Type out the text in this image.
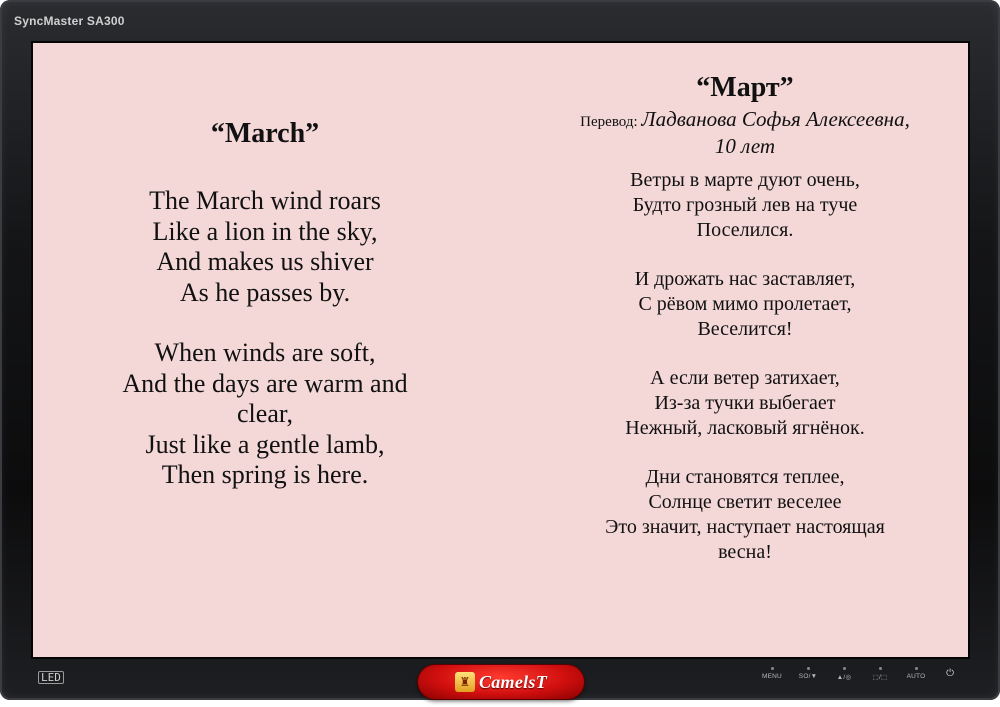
SyncMaster SA300

“March”

The March wind roars
Like a lion in the sky,
And makes us shiver
As he passes by.
When winds are soft,
And the days are warm and
clear,
Just like a gentle lamb,
Then spring is here.

“Март”

Перевод: Ладванова Софья Алексеевна,
10 лет
Ветры в марте дуют очень,
Будто грозный лев на туче
Поселился.
И дрожать нас заставляет,
С рёвом мимо пролетает,
Веселится!
А если ветер затихает,
Из-за тучки выбегает
Нежный, ласковый ягнёнок.
Дни становятся теплее,
Солнце светит веселее
Это значит, наступает настоящая
весна!
LED	♜ CamelsT	MENU	SO/▼	▲/◎	⬚/⬚	AUTO	⏻
